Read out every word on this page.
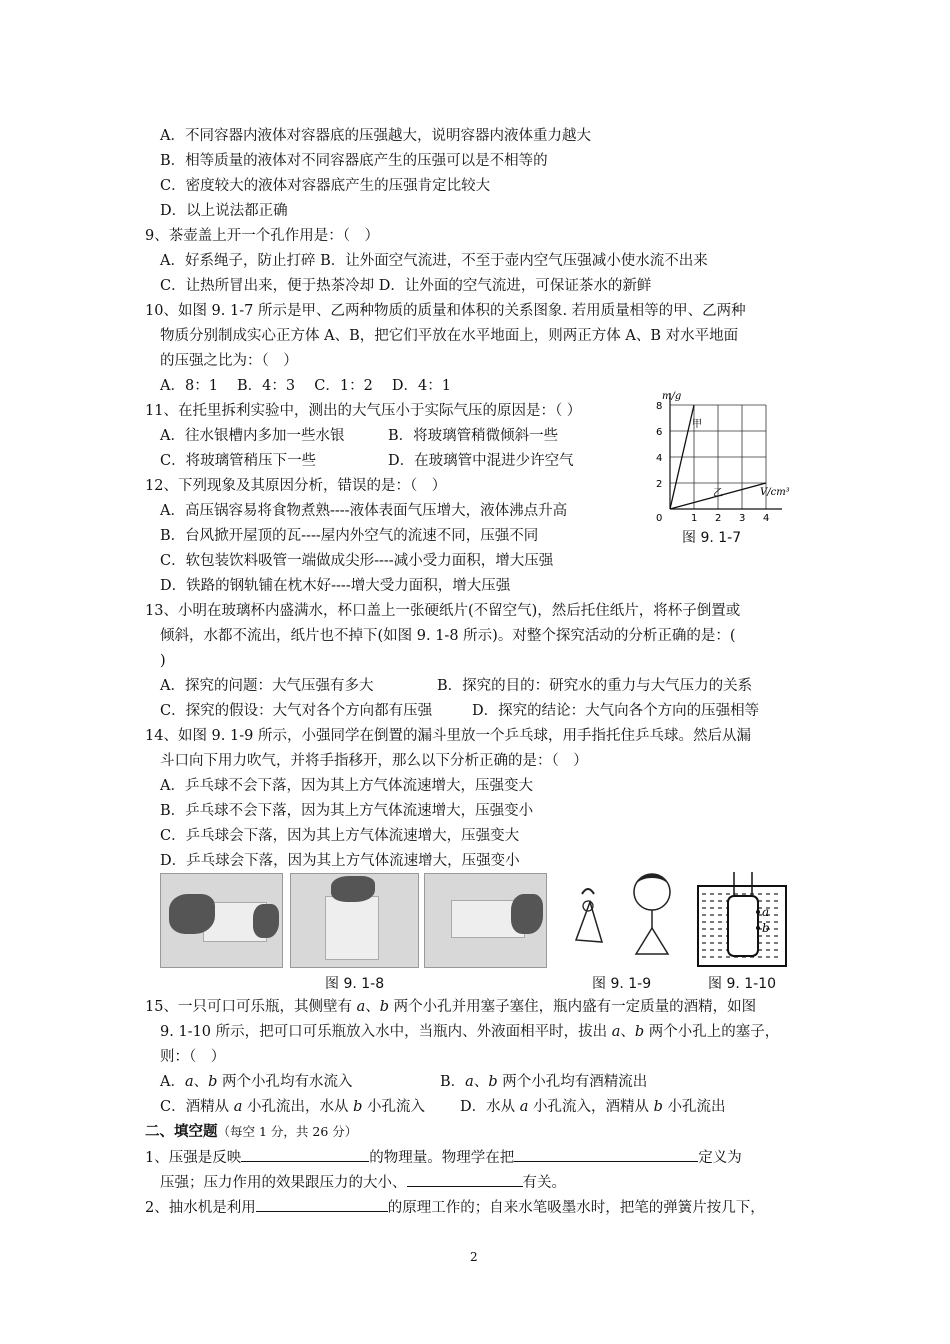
A．不同容器内液体对容器底的压强越大，说明容器内液体重力越大
B．相等质量的液体对不同容器底产生的压强可以是不相等的
C．密度较大的液体对容器底产生的压强肯定比较大
D．以上说法都正确
9、茶壶盖上开一个孔作用是：（　）
A．好系绳子，防止打碎 B．让外面空气流进，不至于壶内空气压强减小使水流不出来
C．让热所冒出来，便于热茶冷却 D．让外面的空气流进，可保证茶水的新鲜
10、如图 9. 1-7 所示是甲、乙两种物质的质量和体积的关系图象. 若用质量相等的甲、乙两种
物质分别制成实心正方体 A、B，把它们平放在水平地面上，则两正方体 A、B 对水平地面
的压强之比为：（　）
A．8：1　 B．4：3　 C．1：2　 D．4：1
11、在托里拆利实验中，测出的大气压小于实际气压的原因是：（ ）
A．往水银槽内多加一些水银	B．将玻璃管稍微倾斜一些
C．将玻璃管稍压下一些	D．在玻璃管中混进少许空气
12、下列现象及其原因分析，错误的是：（　）
A．高压锅容易将食物煮熟----液体表面气压增大，液体沸点升高
B．台风掀开屋顶的瓦----屋内外空气的流速不同，压强不同
C．软包装饮料吸管一端做成尖形----减小受力面积，增大压强
D．铁路的钢轨铺在枕木好----增大受力面积，增大压强
8
6
4
2
0	1 2 3 4
m/g
V/cm³
甲
乙
图 9. 1-7
13、小明在玻璃杯内盛满水，杯口盖上一张硬纸片(不留空气)，然后托住纸片，将杯子倒置或
倾斜，水都不流出，纸片也不掉下(如图 9. 1-8 所示)。对整个探究活动的分析正确的是：(
)
A．探究的问题：大气压强有多大	B．探究的目的：研究水的重力与大气压力的关系
C．探究的假设：大气对各个方向都有压强	D．探究的结论：大气向各个方向的压强相等
14、如图 9. 1-9 所示，小强同学在倒置的漏斗里放一个乒乓球，用手指托住乒乓球。然后从漏
斗口向下用力吹气，并将手指移开，那么以下分析正确的是：（　）
A．乒乓球不会下落，因为其上方气体流速增大，压强变大
B．乒乓球不会下落，因为其上方气体流速增大，压强变小
C．乒乓球会下落，因为其上方气体流速增大，压强变大
D．乒乓球会下落，因为其上方气体流速增大，压强变小
图 9. 1-8	图 9. 1-9
a
b
图 9. 1-10
15、一只可口可乐瓶，其侧壁有 a、b 两个小孔并用塞子塞住，瓶内盛有一定质量的酒精，如图
9. 1-10 所示，把可口可乐瓶放入水中，当瓶内、外液面相平时，拔出 a、b 两个小孔上的塞子，
则：（　）
A．a、b 两个小孔均有水流入	B．a、b 两个小孔均有酒精流出
C．酒精从 a 小孔流出，水从 b 小孔流入 D．水从 a 小孔流入，酒精从 b 小孔流出
二、填空题（每空 1 分，共 26 分）
1、压强是反映	的物理量。物理学在把	定义为
压强；压力作用的效果跟压力的大小、	有关。
2、抽水机是利用	的原理工作的；自来水笔吸墨水时，把笔的弹簧片按几下，
2
